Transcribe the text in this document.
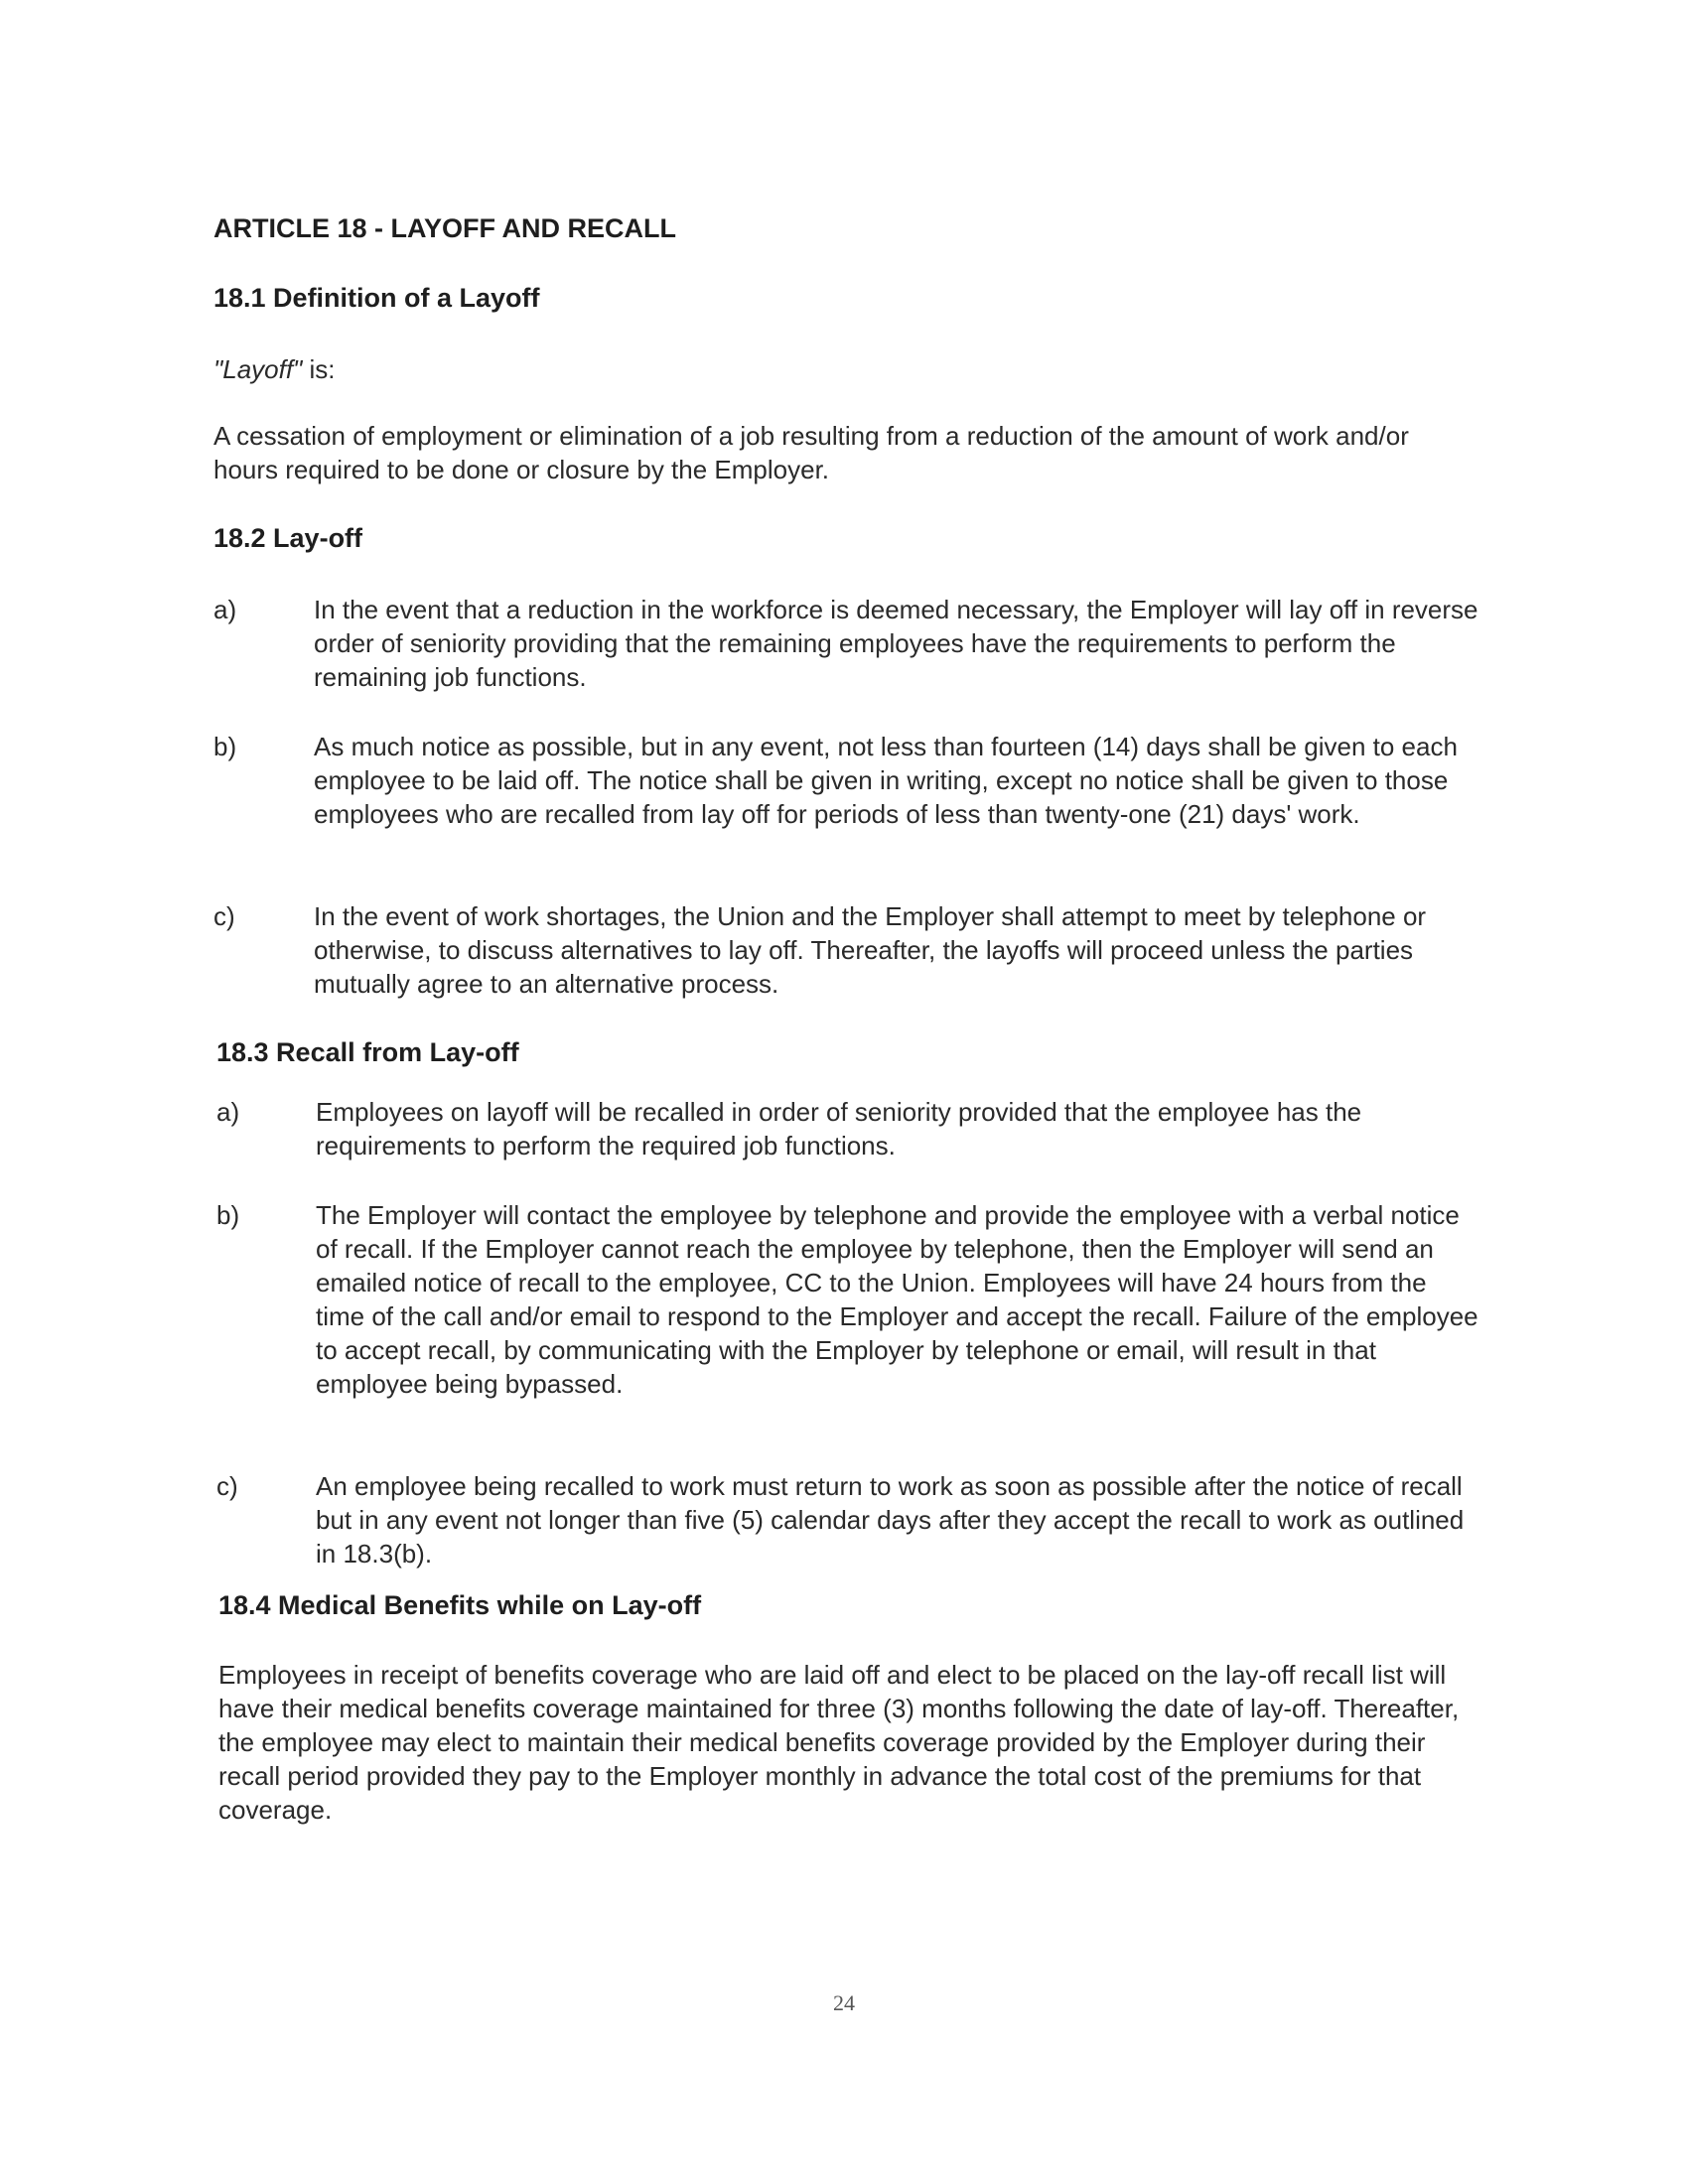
ARTICLE 18 - LAYOFF AND RECALL
18.1 Definition of a Layoff
"Layoff" is:
A cessation of employment or elimination of a job resulting from a reduction of the amount of work and/or hours required to be done or closure by the Employer.
18.2 Lay-off
a)	In the event that a reduction in the workforce is deemed necessary, the Employer will lay off in reverse order of seniority providing that the remaining employees have the requirements to perform the remaining job functions.
b)	As much notice as possible, but in any event, not less than fourteen (14) days shall be given to each employee to be laid off. The notice shall be given in writing, except no notice shall be given to those employees who are recalled from lay off for periods of less than twenty-one (21) days' work.
c)	In the event of work shortages, the Union and the Employer shall attempt to meet by telephone or otherwise, to discuss alternatives to lay off. Thereafter, the layoffs will proceed unless the parties mutually agree to an alternative process.
18.3 Recall from Lay-off
a)	Employees on layoff will be recalled in order of seniority provided that the employee has the requirements to perform the required job functions.
b)	The Employer will contact the employee by telephone and provide the employee with a verbal notice of recall. If the Employer cannot reach the employee by telephone, then the Employer will send an emailed notice of recall to the employee, CC to the Union. Employees will have 24 hours from the time of the call and/or email to respond to the Employer and accept the recall. Failure of the employee to accept recall, by communicating with the Employer by telephone or email, will result in that employee being bypassed.
c)	An employee being recalled to work must return to work as soon as possible after the notice of recall but in any event not longer than five (5) calendar days after they accept the recall to work as outlined in 18.3(b).
18.4 Medical Benefits while on Lay-off
Employees in receipt of benefits coverage who are laid off and elect to be placed on the lay-off recall list will have their medical benefits coverage maintained for three (3) months following the date of lay-off. Thereafter, the employee may elect to maintain their medical benefits coverage provided by the Employer during their recall period provided they pay to the Employer monthly in advance the total cost of the premiums for that coverage.
24
